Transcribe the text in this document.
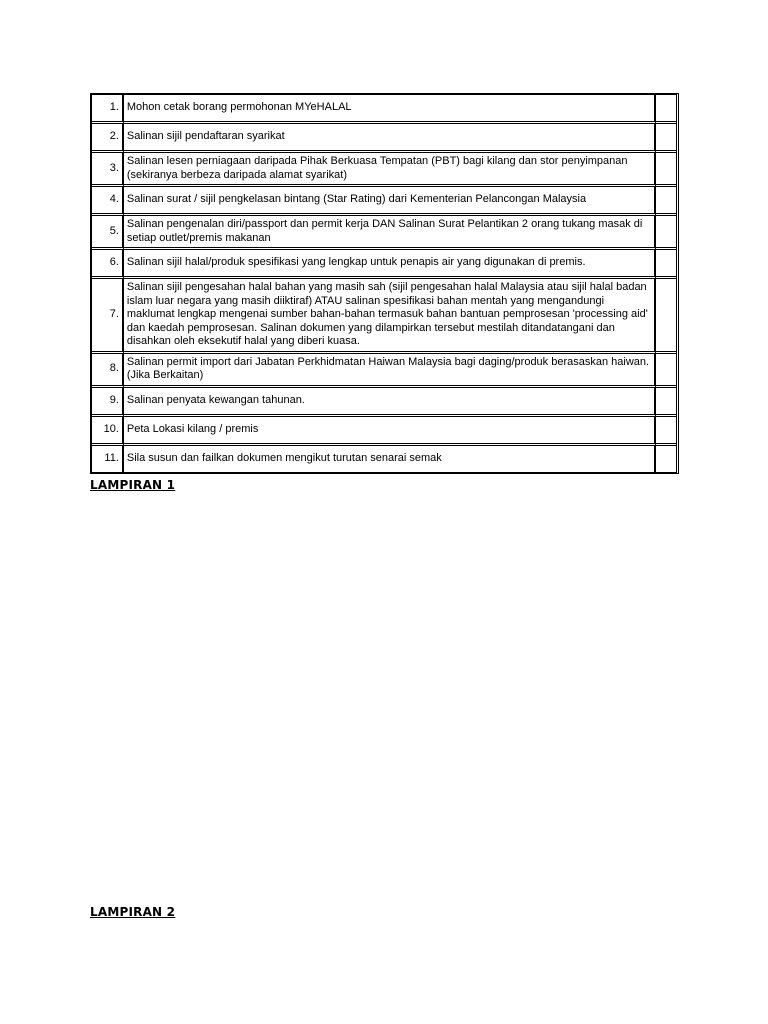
1.	Mohon cetak borang permohonan MYeHALAL	
2.	Salinan sijil pendaftaran syarikat	
3.	Salinan lesen perniagaan daripada Pihak Berkuasa Tempatan (PBT) bagi kilang dan stor penyimpanan (sekiranya berbeza daripada alamat syarikat)	
4.	Salinan surat / sijil pengkelasan bintang (Star Rating) dari Kementerian Pelancongan Malaysia	
5.	Salinan pengenalan diri/passport dan permit kerja DAN Salinan Surat Pelantikan 2 orang tukang masak di setiap outlet/premis makanan	
6.	Salinan sijil halal/produk spesifikasi yang lengkap untuk penapis air yang digunakan di premis.	
7.	Salinan sijil pengesahan halal bahan yang masih sah (sijil pengesahan halal Malaysia atau sijil halal badan islam luar negara yang masih diiktiraf) ATAU salinan spesifikasi bahan mentah yang mengandungi maklumat lengkap mengenai sumber bahan-bahan termasuk bahan bantuan pemprosesan 'processing aid' dan kaedah pemprosesan. Salinan dokumen yang dilampirkan tersebut mestilah ditandatangani dan disahkan oleh eksekutif halal yang diberi kuasa.	
8.	Salinan permit import dari Jabatan Perkhidmatan Haiwan Malaysia bagi daging/produk berasaskan haiwan. (Jika Berkaitan)	
9.	Salinan penyata kewangan tahunan.	
10.	Peta Lokasi kilang / premis	
11.	Sila susun dan failkan dokumen mengikut turutan senarai semak	
LAMPIRAN 1
LAMPIRAN 2
